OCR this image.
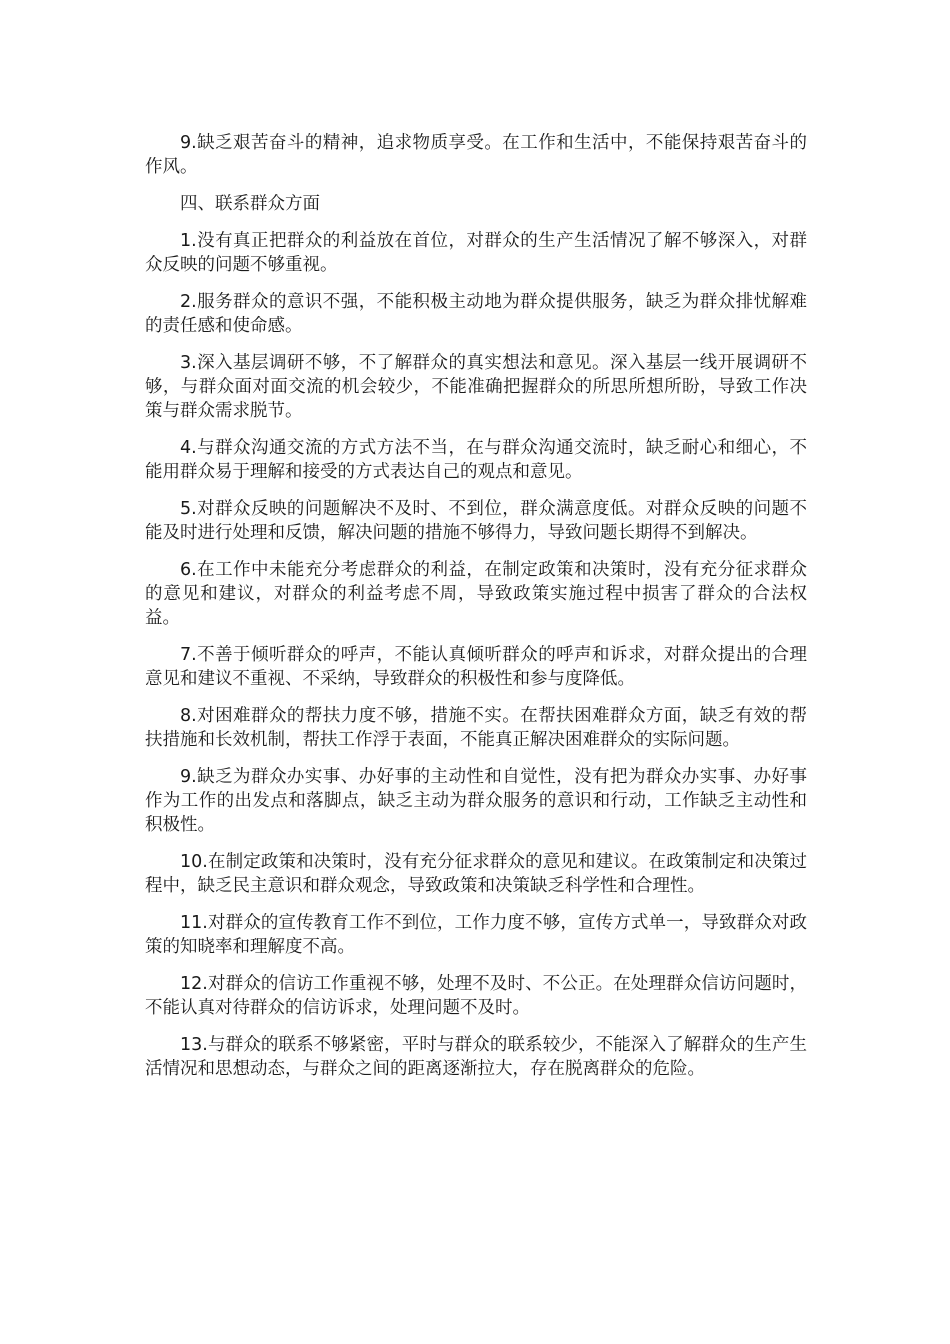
9.缺乏艰苦奋斗的精神，追求物质享受。在工作和生活中，不能保持艰苦奋斗的作风。

四、联系群众方面

1.没有真正把群众的利益放在首位，对群众的生产生活情况了解不够深入，对群众反映的问题不够重视。

2.服务群众的意识不强，不能积极主动地为群众提供服务，缺乏为群众排忧解难的责任感和使命感。

3.深入基层调研不够，不了解群众的真实想法和意见。深入基层一线开展调研不够，与群众面对面交流的机会较少，不能准确把握群众的所思所想所盼，导致工作决策与群众需求脱节。

4.与群众沟通交流的方式方法不当，在与群众沟通交流时，缺乏耐心和细心，不能用群众易于理解和接受的方式表达自己的观点和意见。

5.对群众反映的问题解决不及时、不到位，群众满意度低。对群众反映的问题不能及时进行处理和反馈，解决问题的措施不够得力，导致问题长期得不到解决。

6.在工作中未能充分考虑群众的利益，在制定政策和决策时，没有充分征求群众的意见和建议，对群众的利益考虑不周，导致政策实施过程中损害了群众的合法权益。

7.不善于倾听群众的呼声，不能认真倾听群众的呼声和诉求，对群众提出的合理意见和建议不重视、不采纳，导致群众的积极性和参与度降低。

8.对困难群众的帮扶力度不够，措施不实。在帮扶困难群众方面，缺乏有效的帮扶措施和长效机制，帮扶工作浮于表面，不能真正解决困难群众的实际问题。

9.缺乏为群众办实事、办好事的主动性和自觉性，没有把为群众办实事、办好事作为工作的出发点和落脚点，缺乏主动为群众服务的意识和行动，工作缺乏主动性和积极性。

10.在制定政策和决策时，没有充分征求群众的意见和建议。在政策制定和决策过程中，缺乏民主意识和群众观念，导致政策和决策缺乏科学性和合理性。

11.对群众的宣传教育工作不到位，工作力度不够，宣传方式单一，导致群众对政策的知晓率和理解度不高。

12.对群众的信访工作重视不够，处理不及时、不公正。在处理群众信访问题时，不能认真对待群众的信访诉求，处理问题不及时。

13.与群众的联系不够紧密，平时与群众的联系较少，不能深入了解群众的生产生活情况和思想动态，与群众之间的距离逐渐拉大，存在脱离群众的危险。
